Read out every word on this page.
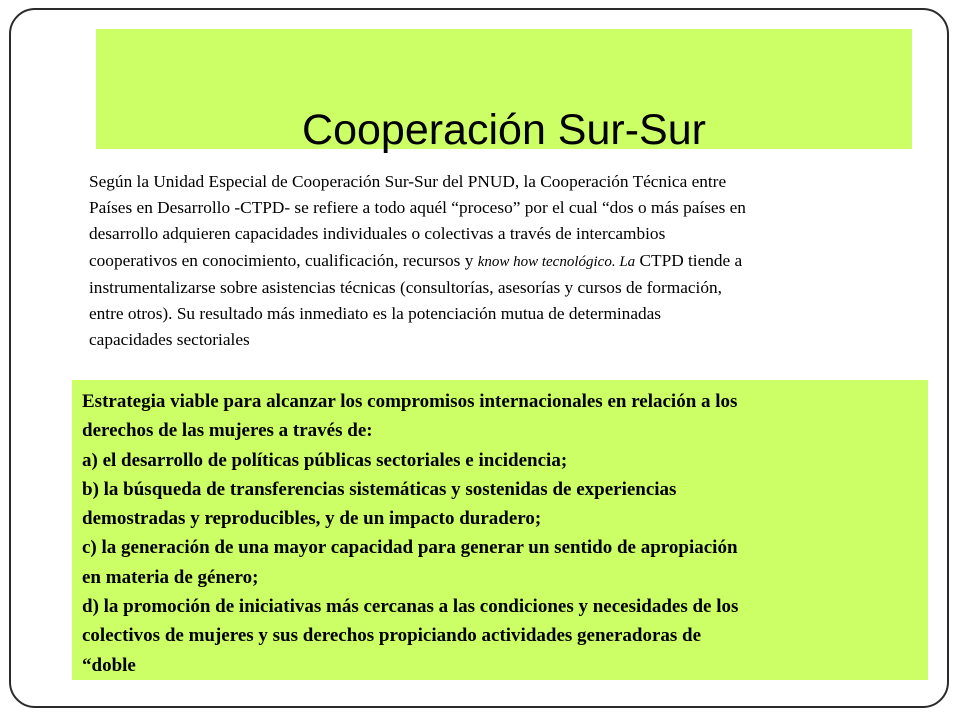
Cooperación Sur-Sur

Según la Unidad Especial de Cooperación Sur-Sur del PNUD, la Cooperación Técnica entre
Países en Desarrollo -CTPD- se refiere a todo aquél “proceso” por el cual “dos o más países en
desarrollo adquieren capacidades individuales o colectivas a través de intercambios
cooperativos en conocimiento, cualificación, recursos y know how tecnológico. La CTPD tiende a
instrumentalizarse sobre asistencias técnicas (consultorías, asesorías y cursos de formación,
entre otros). Su resultado más inmediato es la potenciación mutua de determinadas
capacidades sectoriales

Estrategia viable para alcanzar los compromisos internacionales en relación a los
derechos de las mujeres a través de:
a) el desarrollo de políticas públicas sectoriales e incidencia;
b) la búsqueda de transferencias sistemáticas y sostenidas de experiencias
demostradas y reproducibles, y de un impacto duradero;
c) la generación de una mayor capacidad para generar un sentido de apropiación
en materia de género;
d) la promoción de iniciativas más cercanas a las condiciones y necesidades de los
colectivos de mujeres y sus derechos propiciando actividades generadoras de
“doble
